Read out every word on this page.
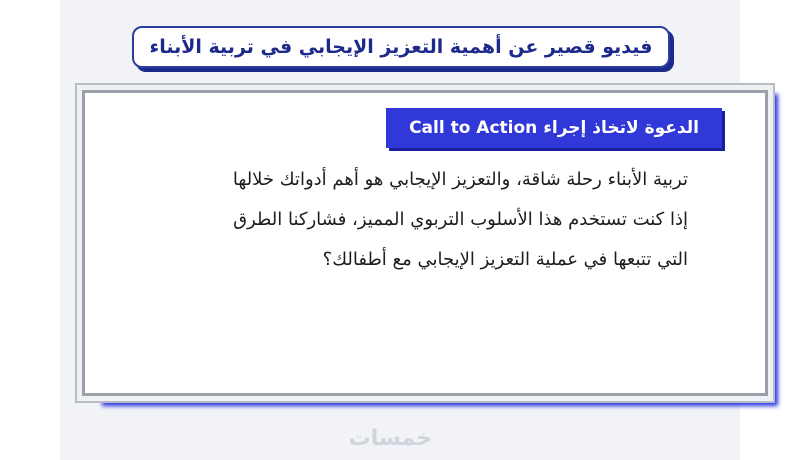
فيديو قصير عن أهمية التعزيز الإيجابي في تربية الأبناء
الدعوة لاتخاذ إجراء Call to Action
تربية الأبناء رحلة شاقة، والتعزيز الإيجابي هو أهم أدواتك خلالها
إذا كنت تستخدم هذا الأسلوب التربوي المميز، فشاركنا الطرق
التي تتبعها في عملية التعزيز الإيجابي مع أطفالك؟
خمسات
